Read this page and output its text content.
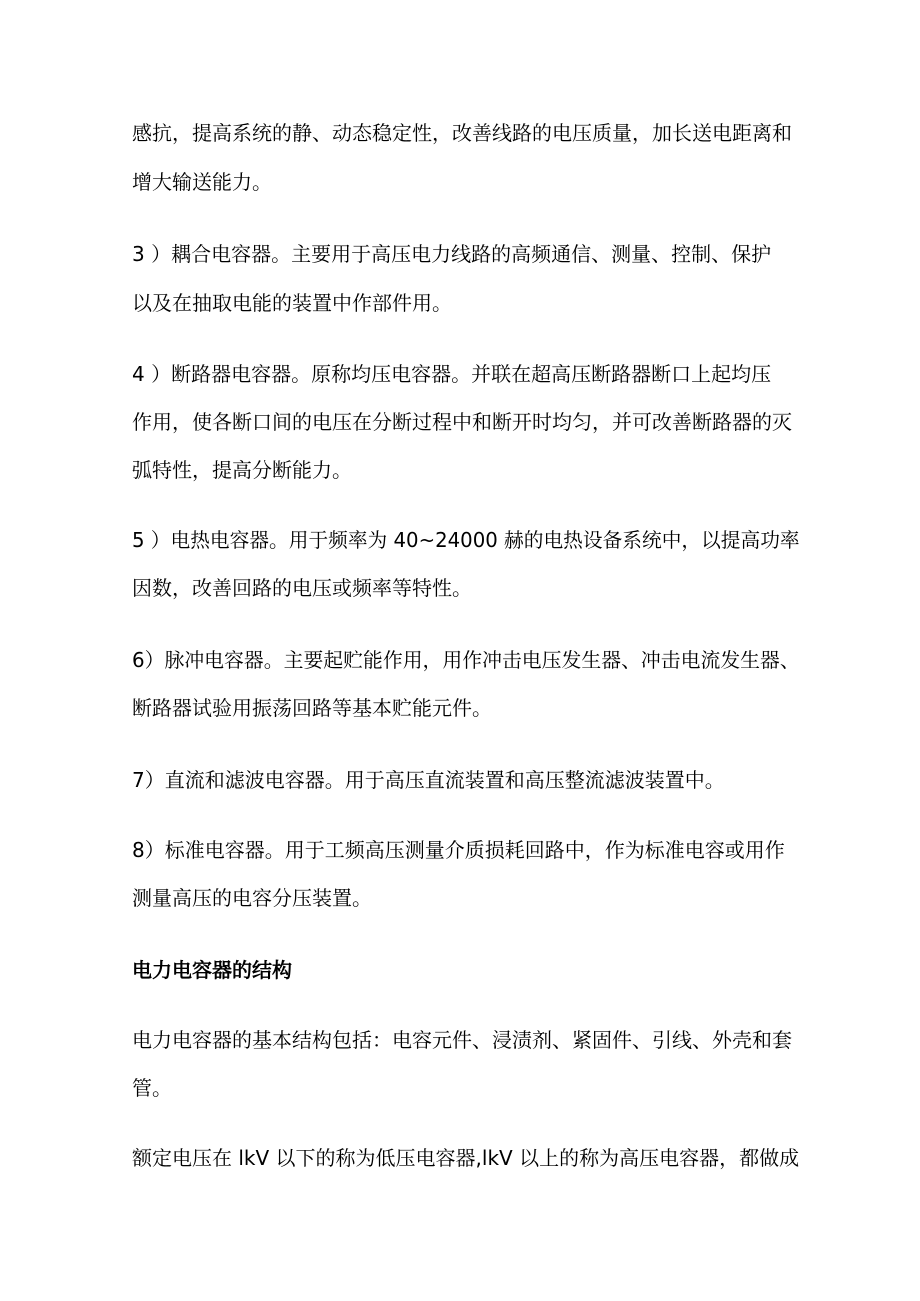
感抗，提高系统的静、动态稳定性，改善线路的电压质量，加长送电距离和
增大输送能力。
3 ）耦合电容器。主要用于高压电力线路的高频通信、测量、控制、保护
以及在抽取电能的装置中作部件用。
4 ）断路器电容器。原称均压电容器。并联在超高压断路器断口上起均压
作用，使各断口间的电压在分断过程中和断开时均匀，并可改善断路器的灭
弧特性，提高分断能力。
5 ）电热电容器。用于频率为 40~24000 赫的电热设备系统中，以提高功率
因数，改善回路的电压或频率等特性。
6）脉冲电容器。主要起贮能作用，用作冲击电压发生器、冲击电流发生器、
断路器试验用振荡回路等基本贮能元件。
7）直流和滤波电容器。用于高压直流装置和高压整流滤波装置中。
8）标准电容器。用于工频高压测量介质损耗回路中，作为标准电容或用作
测量高压的电容分压装置。
电力电容器的结构
电力电容器的基本结构包括：电容元件、浸渍剂、紧固件、引线、外壳和套
管。
额定电压在 lkV 以下的称为低压电容器,lkV 以上的称为高压电容器，都做成
